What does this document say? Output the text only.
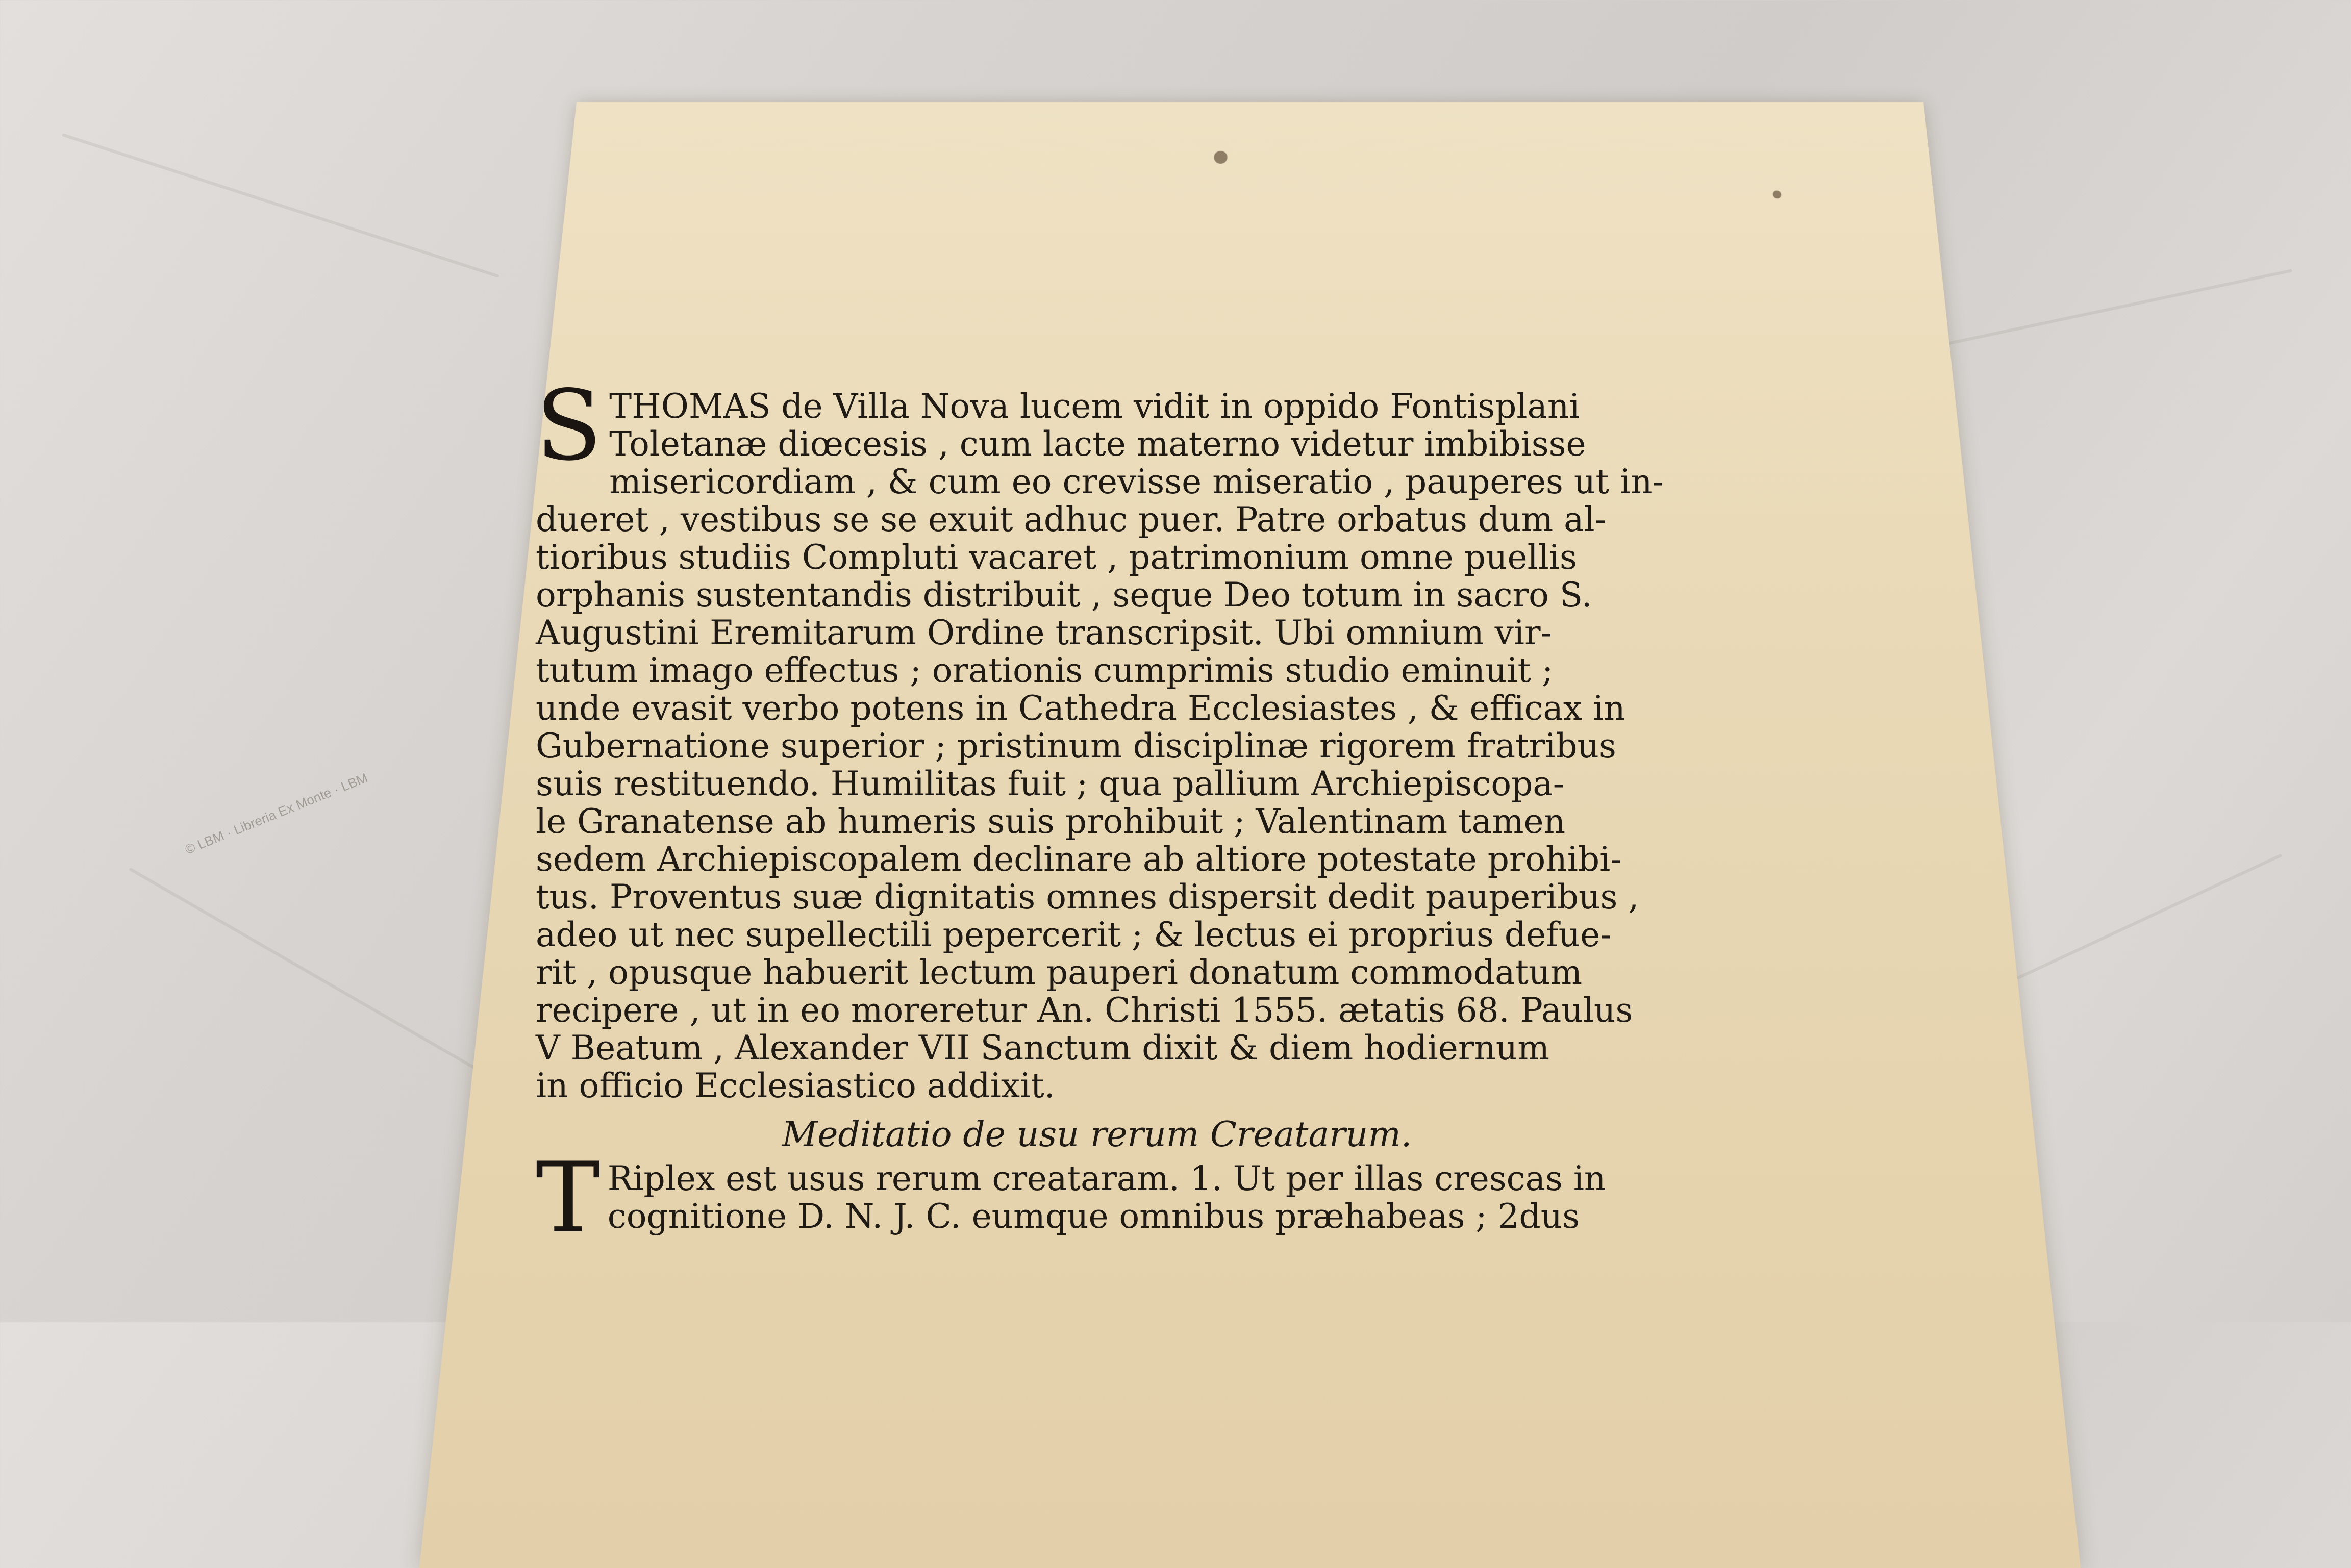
© LBM · Libreria Ex Monte · LBM
S THOMAS de Villa Nova lucem vidit in oppido Fontisplani
Toletanæ diœcesis , cum lacte materno videtur imbibisse
misericordiam , & cum eo crevisse miseratio , pauperes ut in-
dueret , vestibus se se exuit adhuc puer. Patre orbatus dum al-
tioribus studiis Compluti vacaret , patrimonium omne puellis
orphanis sustentandis distribuit , seque Deo totum in sacro S.
Augustini Eremitarum Ordine transcripsit. Ubi omnium vir-
tutum imago effectus ; orationis cumprimis studio eminuit ;
unde evasit verbo potens in Cathedra Ecclesiastes , & efficax in
Gubernatione superior ; pristinum disciplinæ rigorem fratribus
suis restituendo. Humilitas fuit ; qua pallium Archiepiscopa-
le Granatense ab humeris suis prohibuit ; Valentinam tamen
sedem Archiepiscopalem declinare ab altiore potestate prohibi-
tus. Proventus suæ dignitatis omnes dispersit dedit pauperibus ,
adeo ut nec supellectili pepercerit ; & lectus ei proprius defue-
rit , opusque habuerit lectum pauperi donatum commodatum
recipere , ut in eo moreretur An. Christi 1555. ætatis 68. Paulus
V Beatum , Alexander VII Sanctum dixit & diem hodiernum
in officio Ecclesiastico addixit.
Meditatio de usu rerum Creatarum.
T Riplex est usus rerum creataram. 1. Ut per illas crescas in
cognitione D. N. J. C. eumque omnibus præhabeas ; 2dus
